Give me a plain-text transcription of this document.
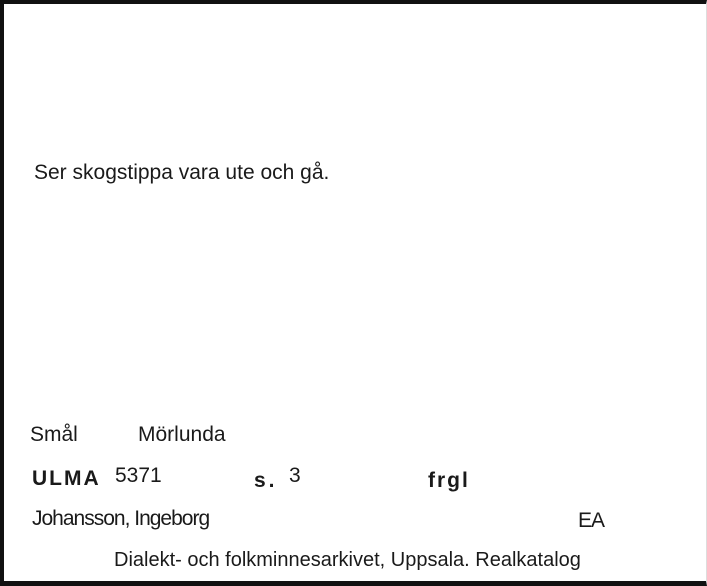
Ser skogstippa vara ute och gå.
Smål	Mörlunda
ULMA 5371	s. 3	frgl
Johansson, Ingeborg	EA
Dialekt- och folkminnesarkivet, Uppsala. Realkatalog
